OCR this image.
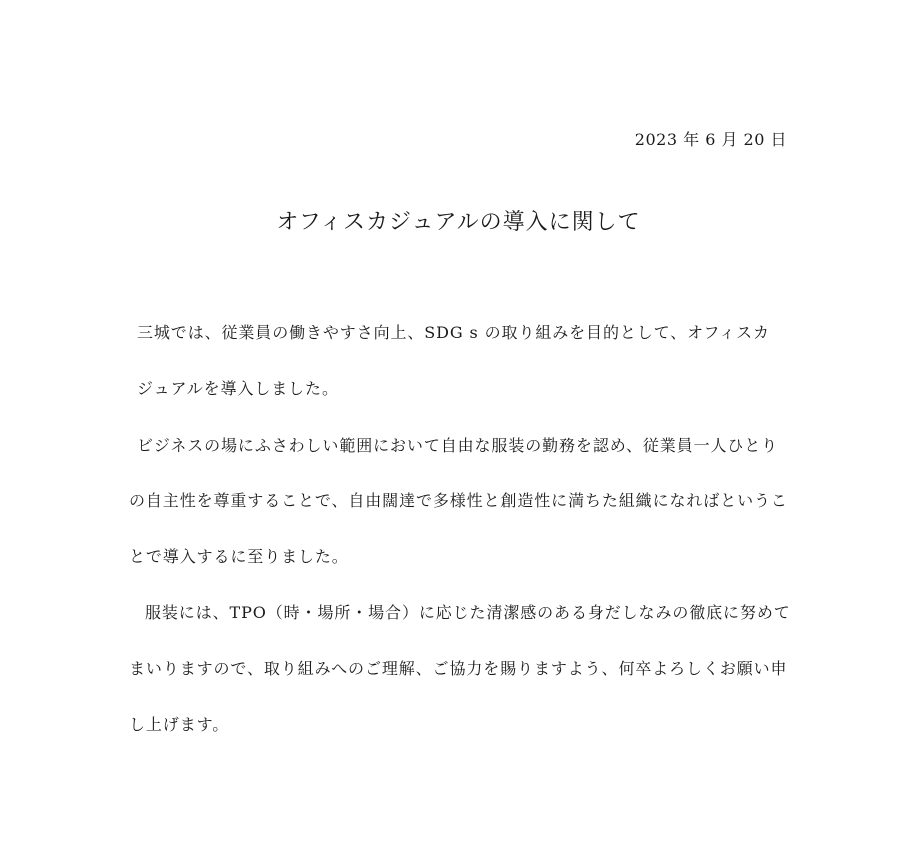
2023 年 6 月 20 日
オフィスカジュアルの導入に関して
三城では、従業員の働きやすさ向上、SDG s の取り組みを目的として、オフィスカ
ジュアルを導入しました。
ビジネスの場にふさわしい範囲において自由な服装の勤務を認め、従業員一人ひとり
の自主性を尊重することで、自由闊達で多様性と創造性に満ちた組織になればというこ
とで導入するに至りました。
服装には、TPO（時・場所・場合）に応じた清潔感のある身だしなみの徹底に努めて
まいりますので、取り組みへのご理解、ご協力を賜りますよう、何卒よろしくお願い申
し上げます。
